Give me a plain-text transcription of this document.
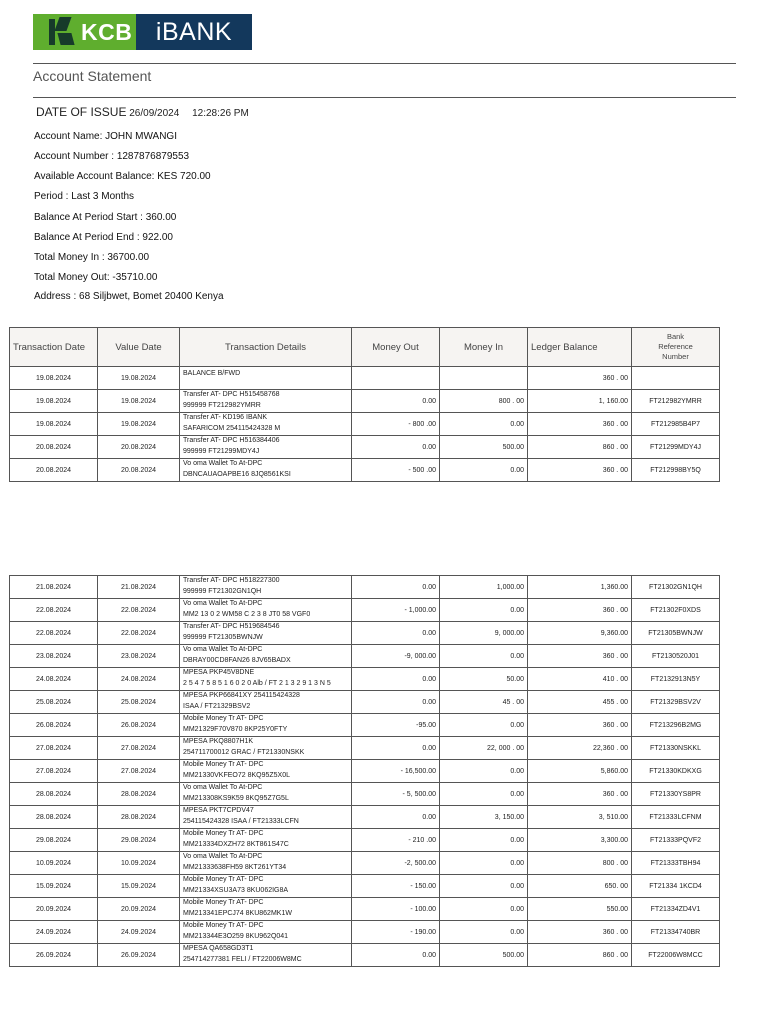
KCB iBANK
Account Statement
DATE OF ISSUE 26/09/2024 12:28:26 PM
Account Name: JOHN MWANGI
Account Number : 1287876879553
Available Account Balance: KES 720.00
Period : Last 3 Months
Balance At Period Start : 360.00
Balance At Period End : 922.00
Total Money In : 36700.00
Total Money Out: -35710.00
Address : 68 Siljbwet, Bomet 20400 Kenya
Transaction Date	Value Date	Transaction Details	Money Out	Money In	Ledger Balance	Bank
Reference
Number

19.08.2024	19.08.2024	BALANCE B/FWD			360 . 00	
19.08.2024	19.08.2024	Transfer AT- DPC H515458768
999999 FT212982YMRR	0.00	800 . 00	1, 160.00	FT212982YMRR
19.08.2024	19.08.2024	Transfer AT- KD196 IBANK
SAFARICOM 254115424328 M	- 800 .00	0.00	360 . 00	FT212985B4P7
20.08.2024	20.08.2024	Transfer AT- DPC H516384406
999999 FT21299MDY4J	0.00	500.00	860 . 00	FT21299MDY4J
20.08.2024	20.08.2024	Vo oma Wallet To At-DPC
DBNCAUAOAPBE16 8JQ8561KSI	- 500 .00	0.00	360 . 00	FT212998BY5Q
21.08.2024	21.08.2024	Transfer AT- DPC H518227300
999999 FT21302GN1QH	0.00	1,000.00	1,360.00	FT21302GN1QH
22.08.2024	22.08.2024	Vo oma Wallet To At-DPC
MM2 13 0 2 WM58 C 2 3 8 JT0 58 VGF0	- 1,000.00	0.00	360 . 00	FT21302F0XDS
22.08.2024	22.08.2024	Transfer AT- DPC H519684546
999999 FT21305BWNJW	0.00	9, 000.00	9,360.00	FT21305BWNJW
23.08.2024	23.08.2024	Vo oma Wallet To At-DPC
DBRAY00CD8FAN26 8JV65BADX	-9, 000.00	0.00	360 . 00	FT2130520J01
24.08.2024	24.08.2024	MPESA PKP45V8DNE
2 5 4 7 5 8 5 1 6 0 2 0 Alb / FT 2 1 3 2 9 1 3 N 5	0.00	50.00	410 . 00	FT2132913N5Y
25.08.2024	25.08.2024	MPESA PKP66841XY 254115424328
ISAA / FT21329BSV2	0.00	45 . 00	455 . 00	FT21329BSV2V
26.08.2024	26.08.2024	Mobile Money Tr AT- DPC
MM21329F70V870 8KP25Y0FTY	-95.00	0.00	360 . 00	FT213296B2MG
27.08.2024	27.08.2024	MPESA PKQ8807H1K
254711700012 GRAC / FT21330NSKK	0.00	22, 000 . 00	22,360 . 00	FT21330NSKKL
27.08.2024	27.08.2024	Mobile Money Tr AT- DPC
MM21330VKFEO72 8KQ95Z5X0L	- 16,500.00	0.00	5,860.00	FT21330KDKXG
28.08.2024	28.08.2024	Vo oma Wallet To At-DPC
MM213308KS9K59 8KQ95Z7G5L	- 5, 500.00	0.00	360 . 00	FT21330YS8PR
28.08.2024	28.08.2024	MPESA PKT7CPDV47
254115424328 ISAA / FT21333LCFN	0.00	3, 150.00	3, 510.00	FT21333LCFNM
29.08.2024	29.08.2024	Mobile Money Tr AT- DPC
MM213334DXZH72 8KT861S47C	- 210 .00	0.00	3,300.00	FT21333PQVF2
10.09.2024	10.09.2024	Vo oma Wallet To At-DPC
MM21333638FH59 8KT261YT34	-2, 500.00	0.00	800 . 00	FT21333TBH94
15.09.2024	15.09.2024	Mobile Money Tr AT- DPC
MM21334XSU3A73 8KU062IG8A	- 150.00	0.00	650. 00	FT21334 1KCD4
20.09.2024	20.09.2024	Mobile Money Tr AT- DPC
MM213341EPCJ74 8KU862MK1W	- 100.00	0.00	550.00	FT21334ZD4V1
24.09.2024	24.09.2024	Mobile Money Tr AT- DPC
MM213344E3O259 8KU962Q041	- 190.00	0.00	360 . 00	FT21334740BR
26.09.2024	26.09.2024	MPESA QA658GD3T1
254714277381 FELI / FT22006W8MC	0.00	500.00	860 . 00	FT22006W8MCC
